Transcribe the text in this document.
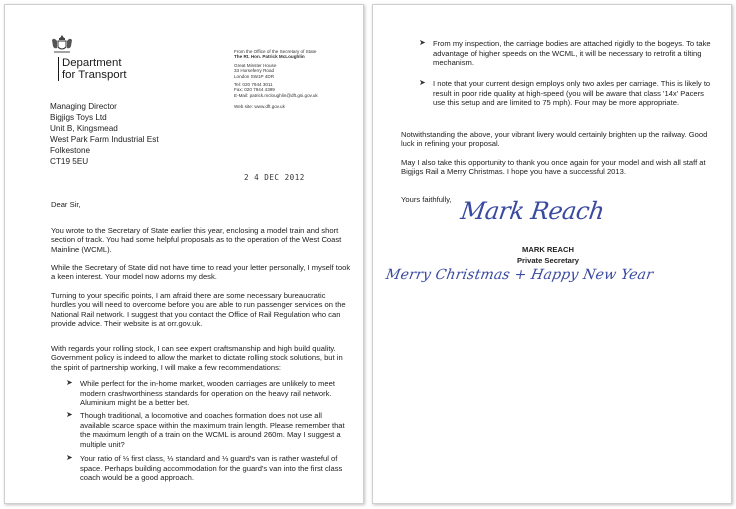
Department
for Transport
From the Office of the Secretary of State
The Rt. Hon. Patrick McLoughlin
Great Minster House
33 Horseferry Road
London SW1P 4DR
Tel: 020 7944 3011
Fax: 020 7944 4399
E-Mail: patrick.mcloughlin@dft.gsi.gov.uk
Web site: www.dft.gov.uk
Managing Director
Bigjigs Toys Ltd
Unit B, Kingsmead
West Park Farm Industrial Est
Folkestone
CT19 5EU
2 4 DEC 2012
Dear Sir,

You wrote to the Secretary of State earlier this year, enclosing a model train and short section of track. You had some helpful proposals as to the operation of the West Coast Mainline (WCML).

While the Secretary of State did not have time to read your letter personally, I myself took a keen interest. Your model now adorns my desk.

Turning to your specific points, I am afraid there are some necessary bureaucratic hurdles you will need to overcome before you are able to run passenger services on the National Rail network. I suggest that you contact the Office of Rail Regulation who can provide advice. Their website is at orr.gov.uk.

With regards your rolling stock, I can see expert craftsmanship and high build quality. Government policy is indeed to allow the market to dictate rolling stock solutions, but in the spirit of partnership working, I will make a few recommendations:

➤ While perfect for the in-home market, wooden carriages are unlikely to meet modern crashworthiness standards for operation on the heavy rail network. Aluminium might be a better bet.
➤ Though traditional, a locomotive and coaches formation does not use all available scarce space within the maximum train length. Please remember that the maximum length of a train on the WCML is around 260m. May I suggest a multiple unit?
➤ Your ratio of ⅓ first class, ⅓ standard and ⅓ guard's van is rather wasteful of space. Perhaps building accommodation for the guard's van into the first class coach would be a good approach.
➤ From my inspection, the carriage bodies are attached rigidly to the bogeys. To take advantage of higher speeds on the WCML, it will be necessary to retrofit a tilting mechanism.
➤ I note that your current design employs only two axles per carriage. This is likely to result in poor ride quality at high-speed (you will be aware that class '14x' Pacers use this setup and are limited to 75 mph). Four may be more appropriate.

Notwithstanding the above, your vibrant livery would certainly brighten up the railway. Good luck in refining your proposal.

May I also take this opportunity to thank you once again for your model and wish all staff at Bigjigs Rail a Merry Christmas. I hope you have a successful 2013.

Yours faithfully, Mark Reach
MARK REACH
Private Secretary
Merry Christmas + Happy New Year
